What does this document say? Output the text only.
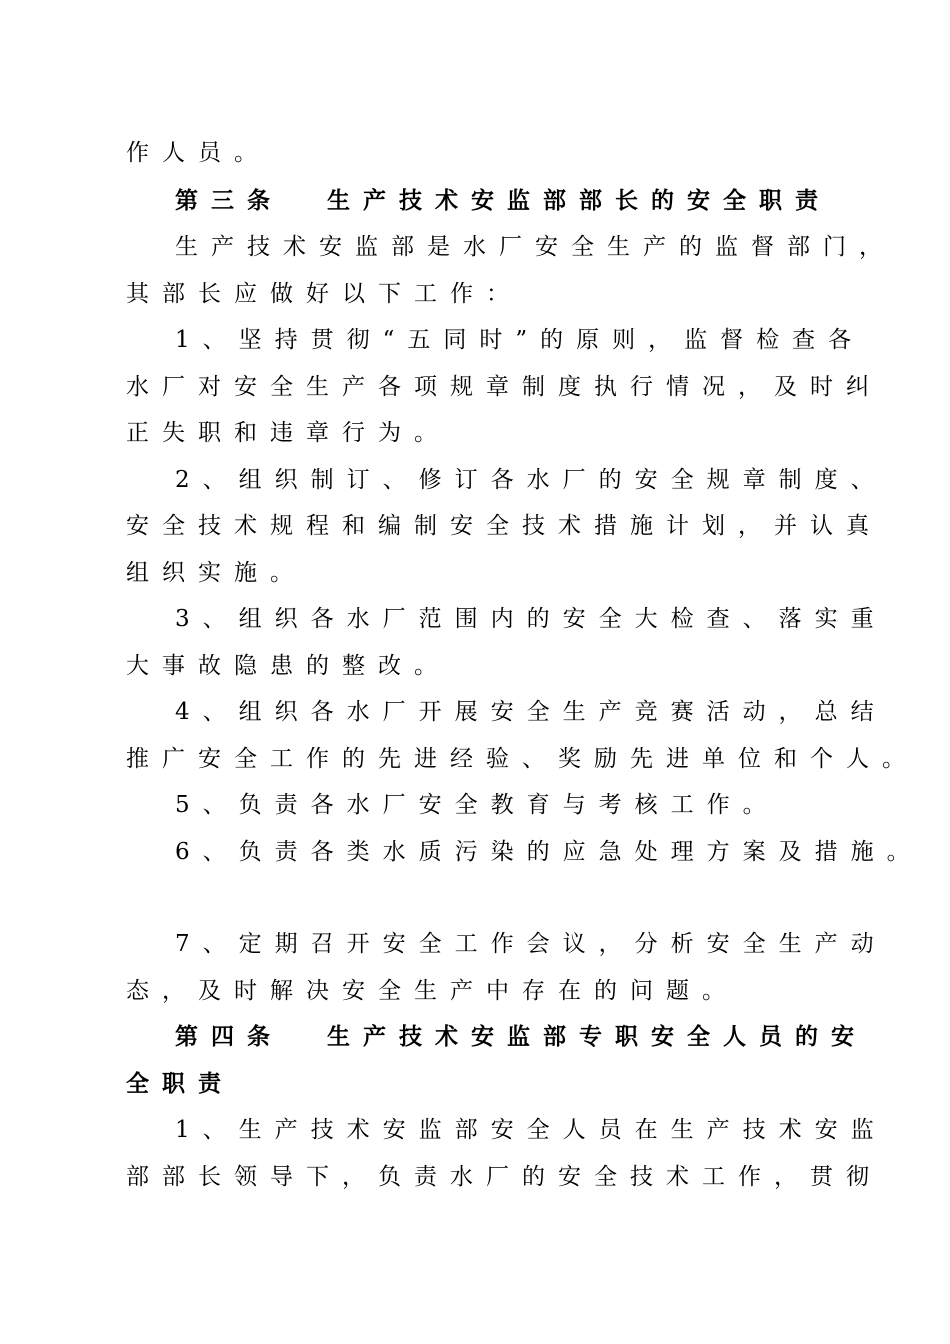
作人员。
第三条 生产技术安监部部长的安全职责
生产技术安监部是水厂安全生产的监督部门，
其部长应做好以下工作：
1、坚持贯彻“五同时”的原则，监督检查各
水厂对安全生产各项规章制度执行情况，及时纠
正失职和违章行为。
2、组织制订、修订各水厂的安全规章制度、
安全技术规程和编制安全技术措施计划，并认真
组织实施。
3、组织各水厂范围内的安全大检查、落实重
大事故隐患的整改。
4、组织各水厂开展安全生产竞赛活动，总结
推广安全工作的先进经验、奖励先进单位和个人。
5、负责各水厂安全教育与考核工作。
6、负责各类水质污染的应急处理方案及措施。
7、定期召开安全工作会议，分析安全生产动
态，及时解决安全生产中存在的问题。
第四条 生产技术安监部专职安全人员的安
全职责
1、生产技术安监部安全人员在生产技术安监
部部长领导下，负责水厂的安全技术工作，贯彻
